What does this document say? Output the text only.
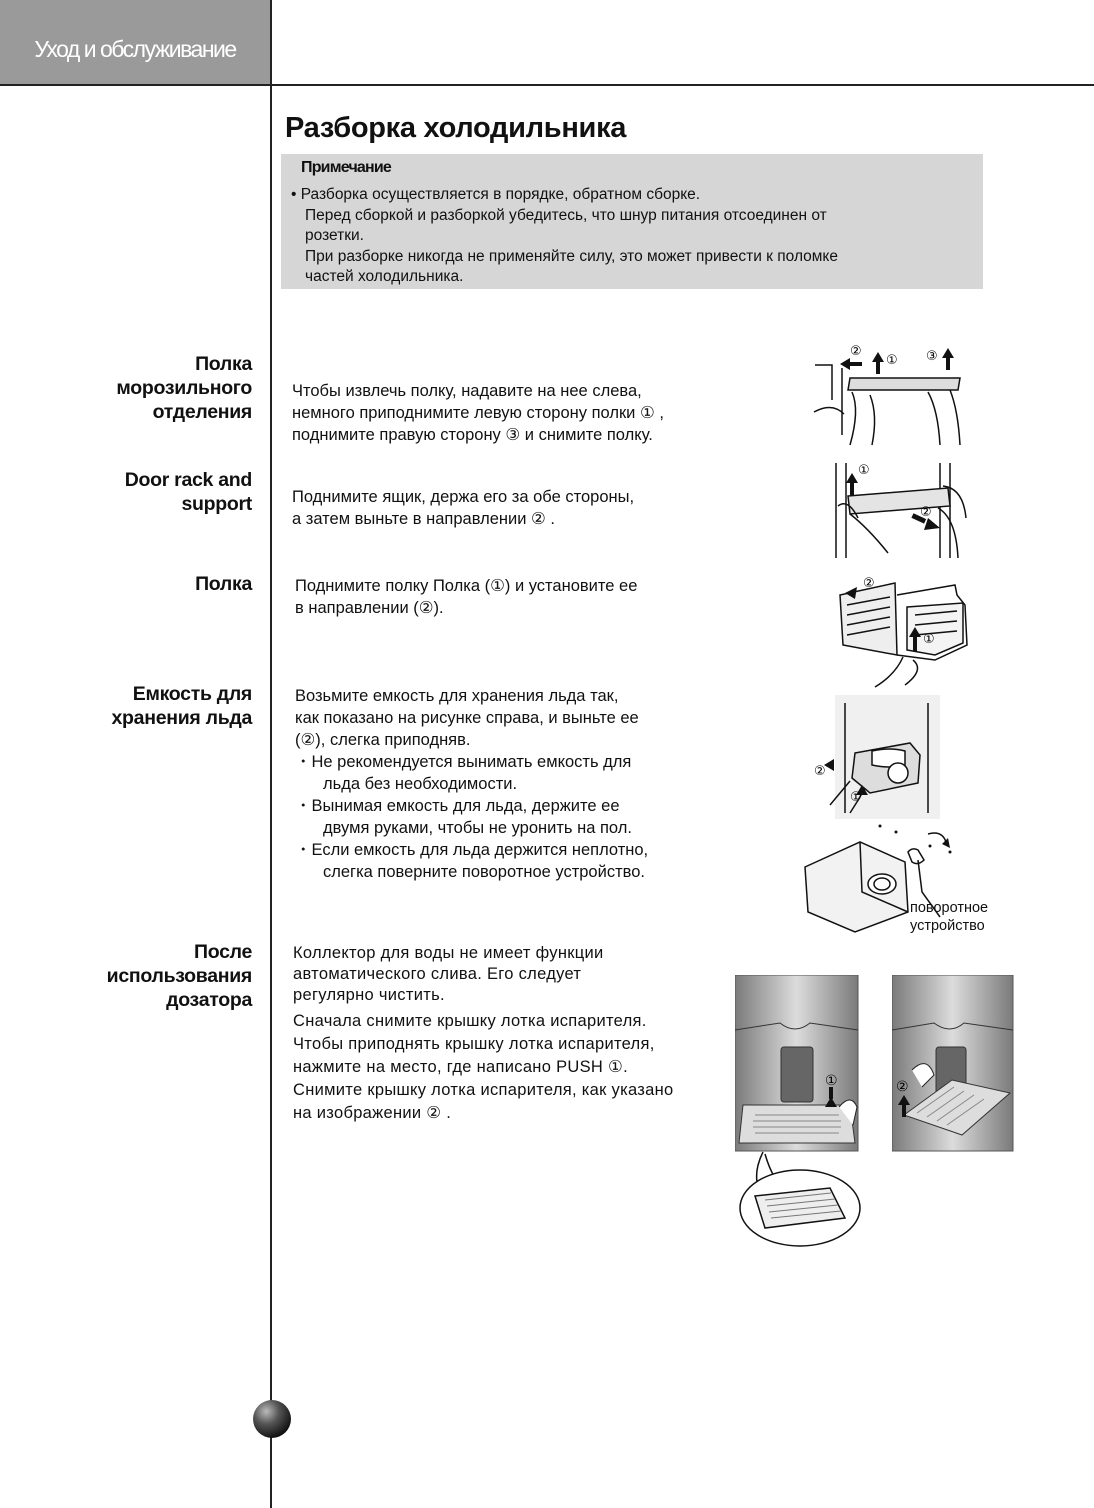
Уход и обслуживание
Разборка холодильника
Примечание
• Разборка осуществляется в порядке, обратном сборке.
Перед сборкой и разборкой убедитесь, что шнур питания отсоединен от
розетки.
При разборке никогда не применяйте силу, это может привести к поломке
частей холодильника.
Полка
морозильного
отделения
Чтобы извлечь полку, надавите на нее слева,
немного приподнимите левую сторону полки ① ,
поднимите правую сторону ③ и снимите полку.
②
① ③
Door rack and
support Поднимите ящик, держа его за обе стороны,
а затем выньте в направлении ② .
①
②
Полка	Поднимите полку Полка (①) и установите ее
в направлении (②).
②
①
Емкость для
хранения льда
Возьмите емкость для хранения льда так,
как показано на рисунке справа, и выньте ее
(②), слегка приподняв.
・Не рекомендуется вынимать емкость для
льда без необходимости.
・Вынимая емкость для льда, держите ее
двумя руками, чтобы не уронить на пол.
・Если емкость для льда держится неплотно,
слегка поверните поворотное устройство.
②
①
поворотное
устройство
После
использования
дозатора
Коллектор для воды не имеет функции
автоматического слива. Его следует
регулярно чистить.
Сначала снимите крышку лотка испарителя.
Чтобы приподнять крышку лотка испарителя,
нажмите на место, где написано PUSH ①.
Снимите крышку лотка испарителя, как указано
на изображении ② .
①	②
